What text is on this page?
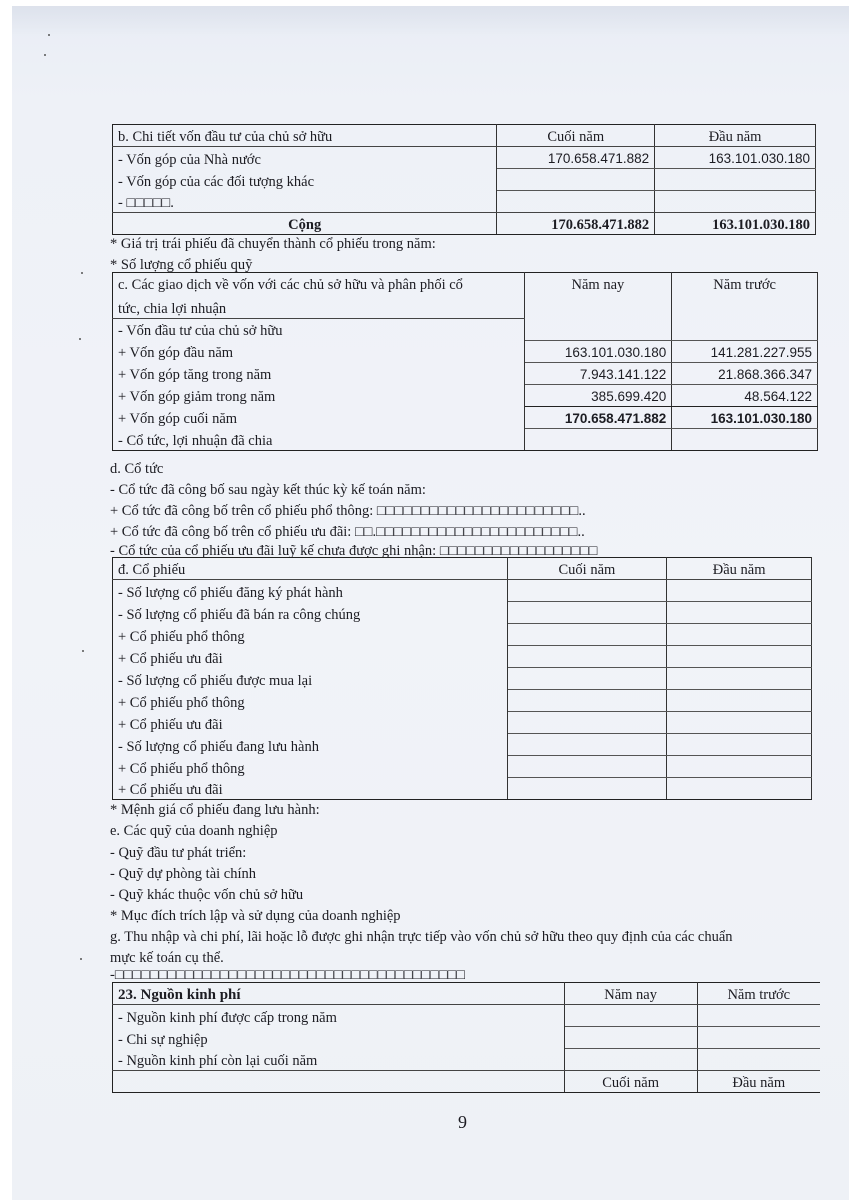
b. Chi tiết vốn đầu tư của chủ sở hữu	Cuối năm	Đầu năm
- Vốn góp của Nhà nước	170.658.471.882	163.101.030.180
- Vốn góp của các đối tượng khác		
- □□□□□.		
Cộng	170.658.471.882	163.101.030.180
* Giá trị trái phiếu đã chuyển thành cổ phiếu trong năm:
* Số lượng cổ phiếu quỹ
c. Các giao dịch về vốn với các chủ sở hữu và phân phối cổ	Năm nay	Năm trước
tức, chia lợi nhuận		
- Vốn đầu tư của chủ sở hữu		
+ Vốn góp đầu năm	163.101.030.180	141.281.227.955
+ Vốn góp tăng trong năm	7.943.141.122	21.868.366.347
+ Vốn góp giảm trong năm	385.699.420	48.564.122
+ Vốn góp cuối năm	170.658.471.882	163.101.030.180
- Cổ tức, lợi nhuận đã chia		
d. Cổ tức
- Cổ tức đã công bố sau ngày kết thúc kỳ kế toán năm:
+ Cổ tức đã công bố trên cổ phiếu phổ thông: □□□□□□□□□□□□□□□□□□□□□□□..
+ Cổ tức đã công bố trên cổ phiếu ưu đãi: □□.□□□□□□□□□□□□□□□□□□□□□□□..
- Cổ tức của cổ phiếu ưu đãi luỹ kế chưa được ghi nhận: □□□□□□□□□□□□□□□□□□
đ. Cổ phiếu	Cuối năm	Đầu năm
- Số lượng cổ phiếu đăng ký phát hành		
- Số lượng cổ phiếu đã bán ra công chúng		
+ Cổ phiếu phổ thông		
+ Cổ phiếu ưu đãi		
- Số lượng cổ phiếu được mua lại		
+ Cổ phiếu phổ thông		
+ Cổ phiếu ưu đãi		
- Số lượng cổ phiếu đang lưu hành		
+ Cổ phiếu phổ thông		
+ Cổ phiếu ưu đãi		
* Mệnh giá cổ phiếu đang lưu hành:
e. Các quỹ của doanh nghiệp
- Quỹ đầu tư phát triển:
- Quỹ dự phòng tài chính
- Quỹ khác thuộc vốn chủ sở hữu
* Mục đích trích lập và sử dụng của doanh nghiệp
g. Thu nhập và chi phí, lãi hoặc lỗ được ghi nhận trực tiếp vào vốn chủ sở hữu theo quy định của các chuẩn
mực kế toán cụ thể.
-□□□□□□□□□□□□□□□□□□□□□□□□□□□□□□□□□□□□□□□□
23. Nguồn kinh phí	Năm nay	Năm trước
- Nguồn kinh phí được cấp trong năm		
- Chi sự nghiệp		
- Nguồn kinh phí còn lại cuối năm		
	Cuối năm	Đầu năm
9
